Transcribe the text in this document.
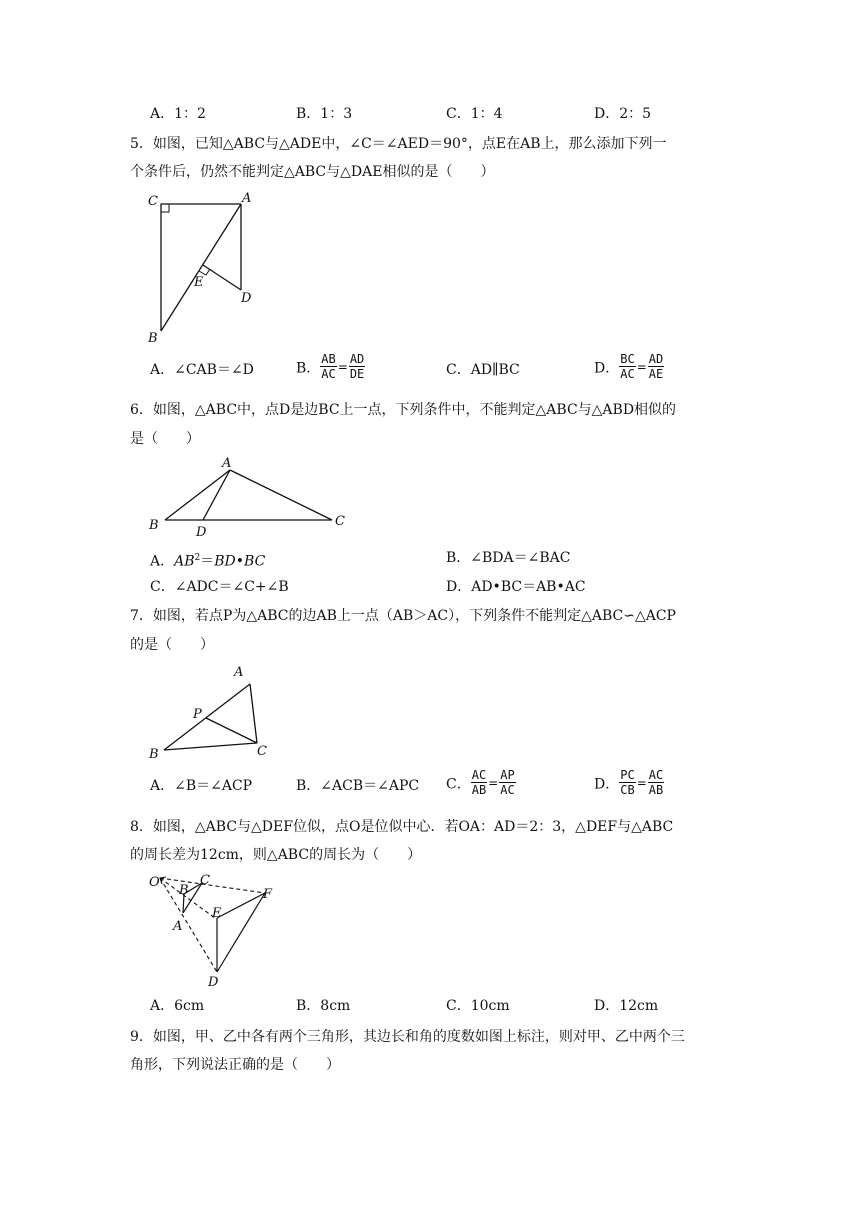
A．1：2	B．1：3	C．1：4	D．2：5
5．如图，已知△ABC与△ADE中，∠C＝∠AED＝90°，点E在AB上，那么添加下列一
个条件后，仍然不能判定△ABC与△DAE相似的是（　　）
C	A
E
D
B
A．∠CAB＝∠D	B． $\frac{AB}{AC} = \frac{AD}{DE}$	C．AD∥BC	D． $\frac{BC}{AC} = \frac{AD}{AE}$
6．如图，△ABC中，点D是边BC上一点，下列条件中，不能判定△ABC与△ABD相似的
是（　　）
A
B	D
C
A．$AB^2=BD•BC$	B．∠BDA＝∠BAC
C．∠ADC＝∠C+∠B	D．AD•BC＝AB•AC
7．如图，若点P为△ABC的边AB上一点（AB＞AC），下列条件不能判定△ABC∽△ACP
的是（　　）
A
P
B	C
A．∠B＝∠ACP	B．∠ACB＝∠APC C． $\frac{AC}{AB} = \frac{AP}{AC}$	D． $\frac{PC}{CB} = \frac{AC}{AB}$
8．如图，△ABC与△DEF位似，点O是位似中心．若OA：AD＝2：3，△DEF与△ABC
的周长差为12cm，则△ABC的周长为（　　）
O
B
C
F
E
A
D
A．6cm	B．8cm	C．10cm	D．12cm
9．如图，甲、乙中各有两个三角形，其边长和角的度数如图上标注，则对甲、乙中两个三
角形，下列说法正确的是（　　）
